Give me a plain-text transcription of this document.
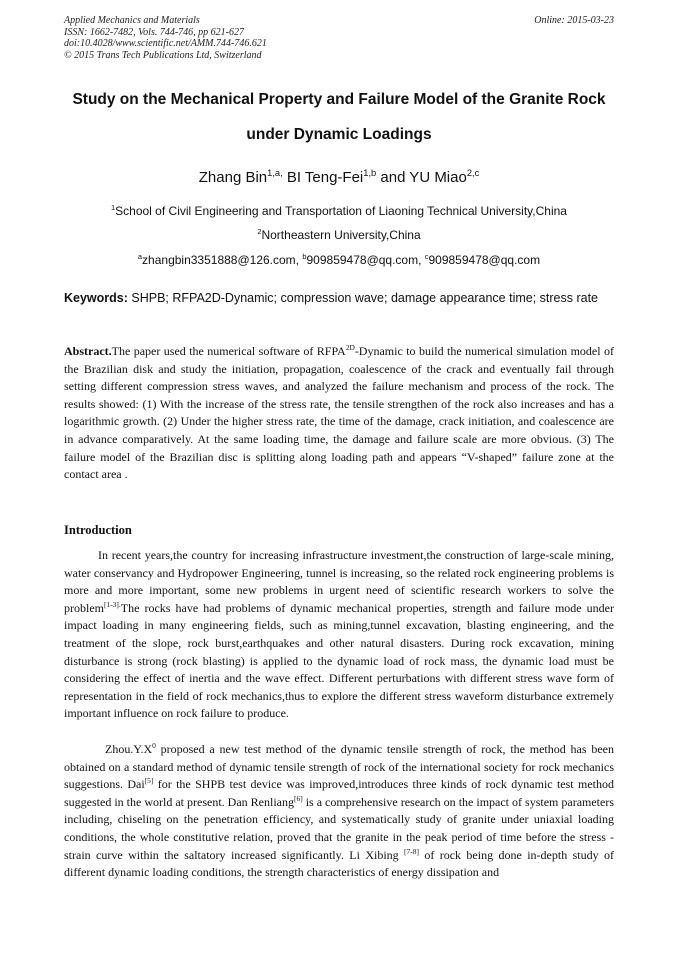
Applied Mechanics and Materials	Online: 2015-03-23
ISSN: 1662-7482, Vols. 744-746, pp 621-627
doi:10.4028/www.scientific.net/AMM.744-746.621
© 2015 Trans Tech Publications Ltd, Switzerland
Study on the Mechanical Property and Failure Model of the Granite Rock
under Dynamic Loadings
Zhang Bin$^{1,a,}$ BI Teng-Fei$^{1,b}$ and YU Miao$^{2,c}$
$^1$School of Civil Engineering and Transportation of Liaoning Technical University,China
$^2$Northeastern University,China
$^a$zhangbin3351888@126.com, $^b$909859478@qq.com, $^c$909859478@qq.com
Keywords: SHPB; RFPA2D-Dynamic; compression wave; damage appearance time; stress rate
Abstract.The paper used the numerical software of $RFPA^{2D}$-Dynamic to build the numerical simulation model of the Brazilian disk and study the initiation, propagation, coalescence of the crack and eventually fail through setting different compression stress waves, and analyzed the failure mechanism and process of the rock. The results showed: (1) With the increase of the stress rate, the tensile strengthen of the rock also increases and has a logarithmic growth. (2) Under the higher stress rate, the time of the damage, crack initiation, and coalescence are in advance comparatively. At the same loading time, the damage and failure scale are more obvious. (3) The failure model of the Brazilian disc is splitting along loading path and appears “V-shaped” failure zone at the contact area .
Introduction
In recent years,the country for increasing infrastructure investment,the construction of large-scale mining, water conservancy and Hydropower Engineering, tunnel is increasing, so the related rock engineering problems is more and more important, some new problems in urgent need of scientific research workers to solve the problem$^{[1-3].}$The rocks have had problems of dynamic mechanical properties, strength and failure mode under impact loading in many engineering fields, such as mining,tunnel excavation, blasting engineering, and the treatment of the slope, rock burst,earthquakes and other natural disasters. During rock excavation, mining disturbance is strong (rock blasting) is applied to the dynamic load of rock mass, the dynamic load must be considering the effect of inertia and the wave effect. Different perturbations with different stress wave form of representation in the field of rock mechanics,thus to explore the different stress waveform disturbance extremely important influence on rock failure to produce.
$Zhou.Y.X^0$ proposed a new test method of the dynamic tensile strength of rock, the method has been obtained on a standard method of dynamic tensile strength of rock of the international society for rock mechanics suggestions. Dai[5] for the SHPB test device was improved,introduces three kinds of rock dynamic test method suggested in the world at present. Dan Renliang[6] is a comprehensive research on the impact of system parameters including, chiseling on the penetration efficiency, and systematically study of granite under uniaxial loading conditions, the whole constitutive relation, proved that the granite in the peak period of time before the stress - strain curve within the saltatory increased significantly. Li Xibing [7-8] of rock being done in-depth study of different dynamic loading conditions, the strength characteristics of energy dissipation and
